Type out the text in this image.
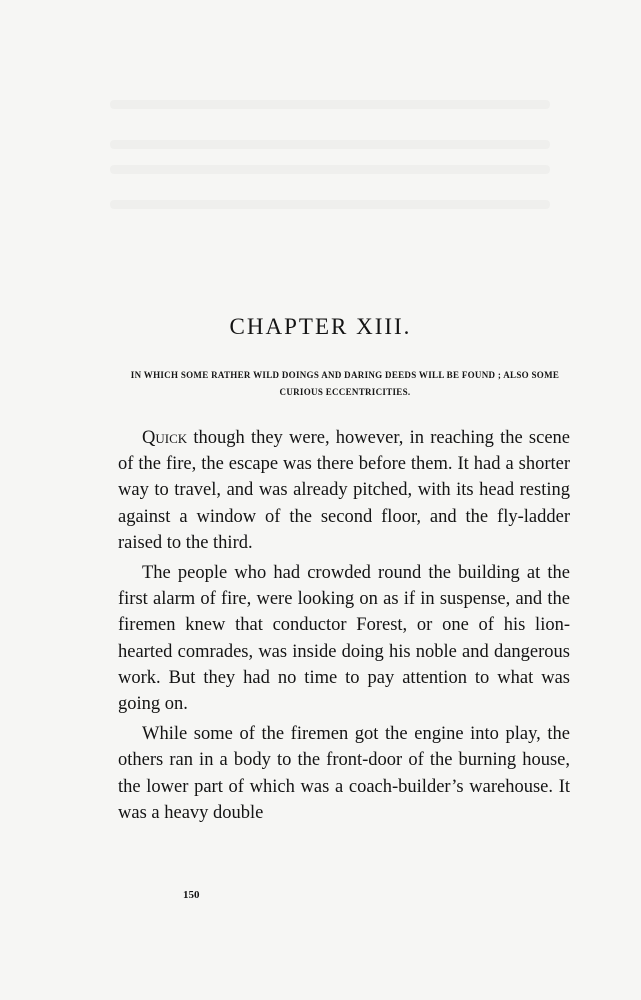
CHAPTER XIII.

IN WHICH SOME RATHER WILD DOINGS AND DARING DEEDS WILL BE FOUND ; ALSO SOME CURIOUS ECCENTRICITIES.

Quick though they were, however, in reaching the scene of the fire, the escape was there before them. It had a shorter way to travel, and was already pitched, with its head resting against a window of the second floor, and the fly-ladder raised to the third.

The people who had crowded round the building at the first alarm of fire, were looking on as if in suspense, and the firemen knew that conductor Forest, or one of his lion-hearted comrades, was inside doing his noble and dangerous work. But they had no time to pay attention to what was going on.

While some of the firemen got the engine into play, the others ran in a body to the front-door of the burning house, the lower part of which was a coach-builder’s warehouse. It was a heavy double

150
